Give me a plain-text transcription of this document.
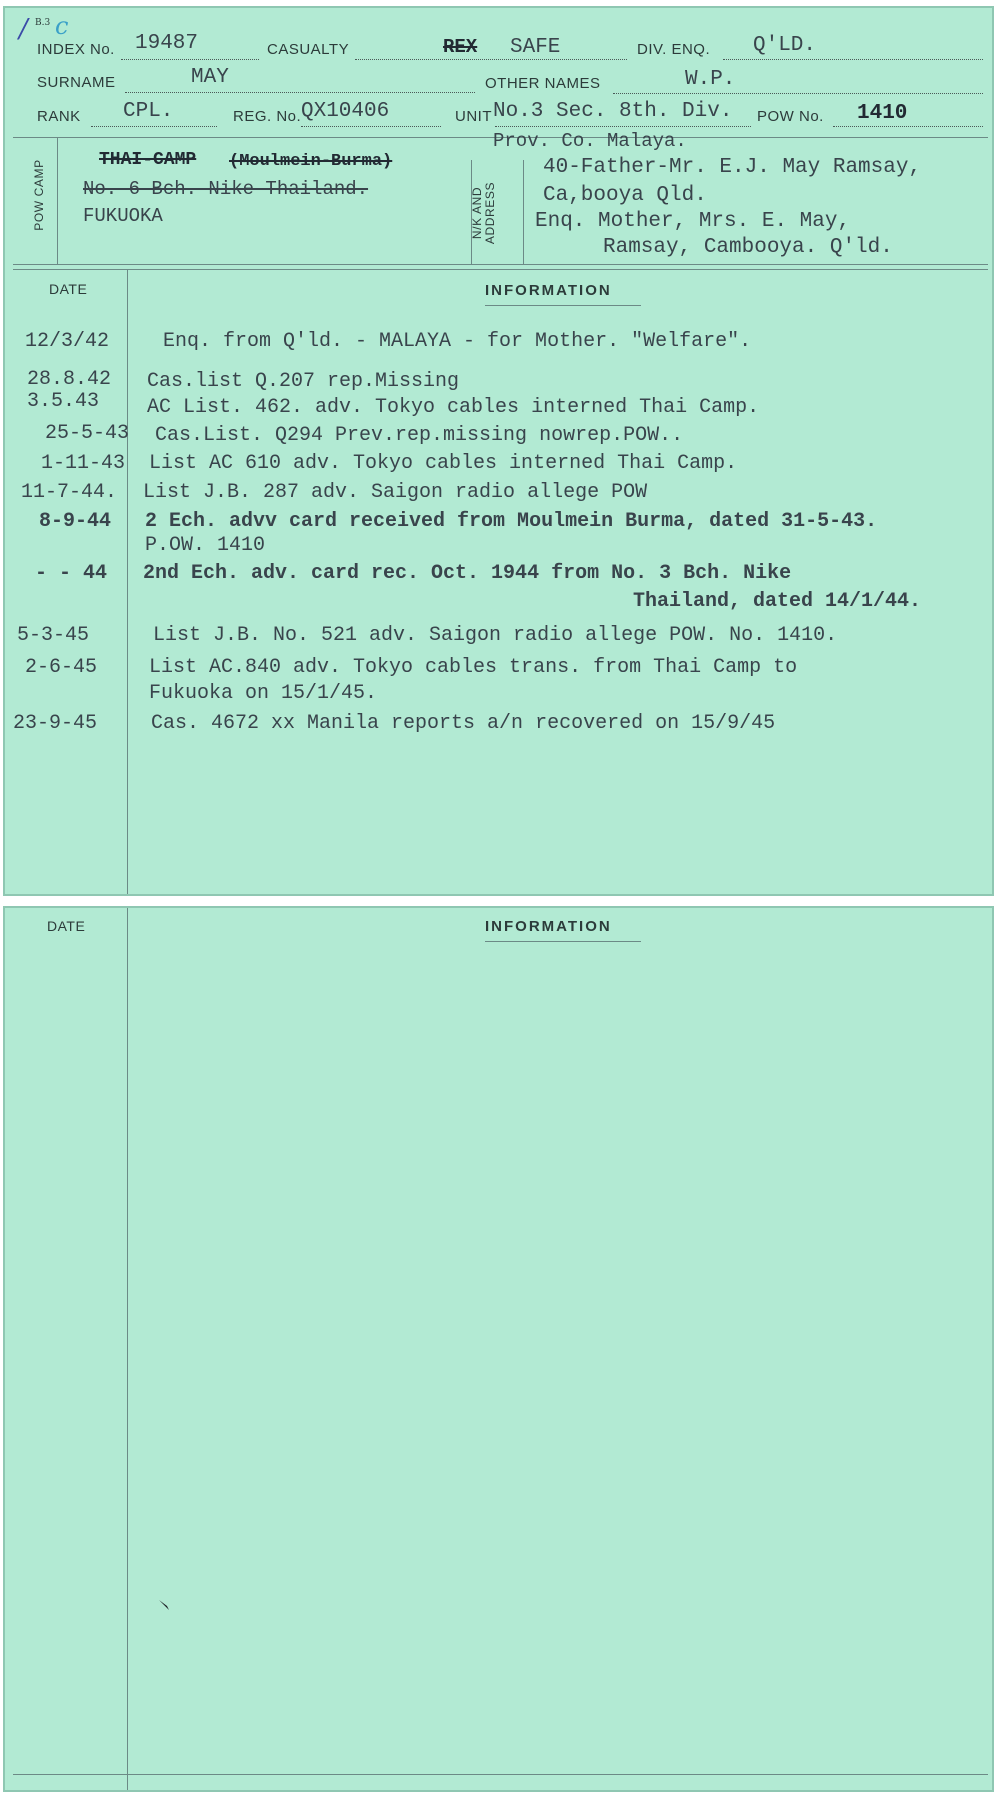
/ B.3 c
INDEX No. 19487	CASUALTY	REX SAFE	DIV. ENQ. Q'LD.
SURNAME	MAY	OTHER NAMES	W.P.
RANK CPL.	REG. No. QX10406	UNIT No.3 Sec. 8th. Div. POW No. 1410
POW CAMP	THAI-CAMP (Moulmein-Burma)
No. 6 Bch. Nike Thailand.
FUKUOKA	N/K AND
ADDRESS
Prov. Co. Malaya.
40-Father-Mr. E.J. May Ramsay,
Ca,booya Qld.
Enq. Mother, Mrs. E. May,
Ramsay, Cambooya. Q'ld.
DATE	INFORMATION
12/3/42	Enq. from Q'ld. - MALAYA - for Mother. "Welfare".
28.8.42 Cas.list Q.207 rep.Missing
3.5.43 AC List. 462. adv. Tokyo cables interned Thai Camp.
25-5-43 Cas.List. Q294 Prev.rep.missing nowrep.POW..
1-11-43 List AC 610 adv. Tokyo cables interned Thai Camp.
11-7-44. List J.B. 287 adv. Saigon radio allege POW
8-9-44 2 Ech. advv card received from Moulmein Burma, dated 31-5-43.
P.OW. 1410
- - 44 2nd Ech. adv. card rec. Oct. 1944 from No. 3 Bch. Nike
Thailand, dated 14/1/44.
5-3-45	List J.B. No. 521 adv. Saigon radio allege POW. No. 1410.
2-6-45	List AC.840 adv. Tokyo cables trans. from Thai Camp to
Fukuoka on 15/1/45.
23-9-45	Cas. 4672 xx Manila reports a/n recovered on 15/9/45
DATE	INFORMATION
